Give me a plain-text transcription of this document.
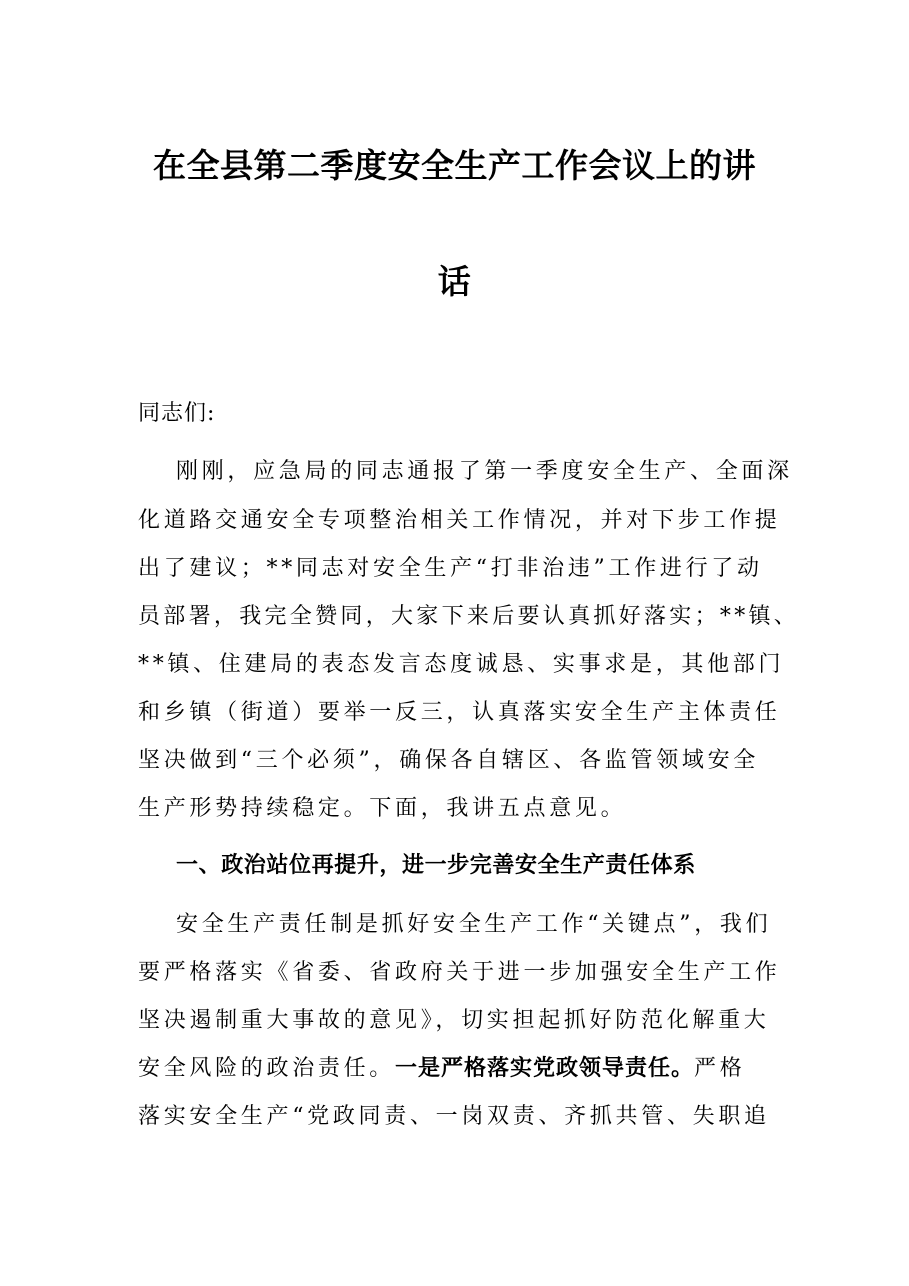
在全县第二季度安全生产工作会议上的讲
话
同志们:
刚刚，应急局的同志通报了第一季度安全生产、全面深
化道路交通安全专项整治相关工作情况，并对下步工作提
出了建议；**同志对安全生产“打非治违”工作进行了动
员部署，我完全赞同，大家下来后要认真抓好落实；**镇、
**镇、住建局的表态发言态度诚恳、实事求是，其他部门
和乡镇（街道）要举一反三，认真落实安全生产主体责任
坚决做到“三个必须”，确保各自辖区、各监管领域安全
生产形势持续稳定。下面，我讲五点意见。
一、政治站位再提升，进一步完善安全生产责任体系
安全生产责任制是抓好安全生产工作“关键点”，我们
要严格落实《省委、省政府关于进一步加强安全生产工作
坚决遏制重大事故的意见》，切实担起抓好防范化解重大
安全风险的政治责任。一是严格落实党政领导责任。严格
落实安全生产“党政同责、一岗双责、齐抓共管、失职追
